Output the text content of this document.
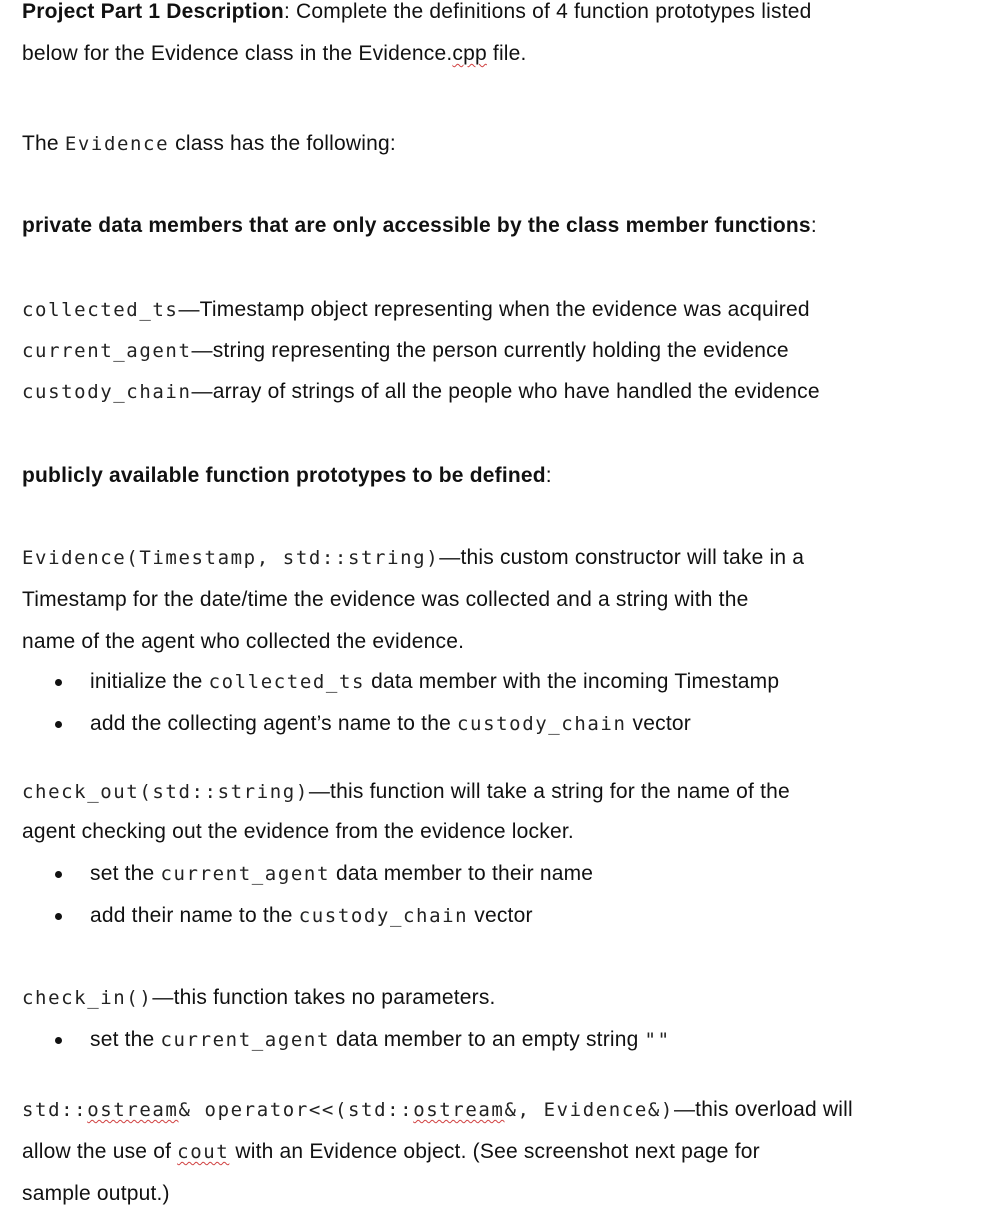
Project Part 1 Description: Complete the definitions of 4 function prototypes listed
below for the Evidence class in the Evidence.cpp file.
The Evidence class has the following:
private data members that are only accessible by the class member functions:
collected_ts—Timestamp object representing when the evidence was acquired
current_agent—string representing the person currently holding the evidence
custody_chain—array of strings of all the people who have handled the evidence
publicly available function prototypes to be defined:
Evidence(Timestamp, std::string)—this custom constructor will take in a
Timestamp for the date/time the evidence was collected and a string with the
name of the agent who collected the evidence.
initialize the collected_ts data member with the incoming Timestamp
add the collecting agent’s name to the custody_chain vector
check_out(std::string)—this function will take a string for the name of the
agent checking out the evidence from the evidence locker.
set the current_agent data member to their name
add their name to the custody_chain vector
check_in()—this function takes no parameters.
set the current_agent data member to an empty string ""
std::ostream& operator<<(std::ostream&, Evidence&)—this overload will
allow the use of cout with an Evidence object. (See screenshot next page for
sample output.)
